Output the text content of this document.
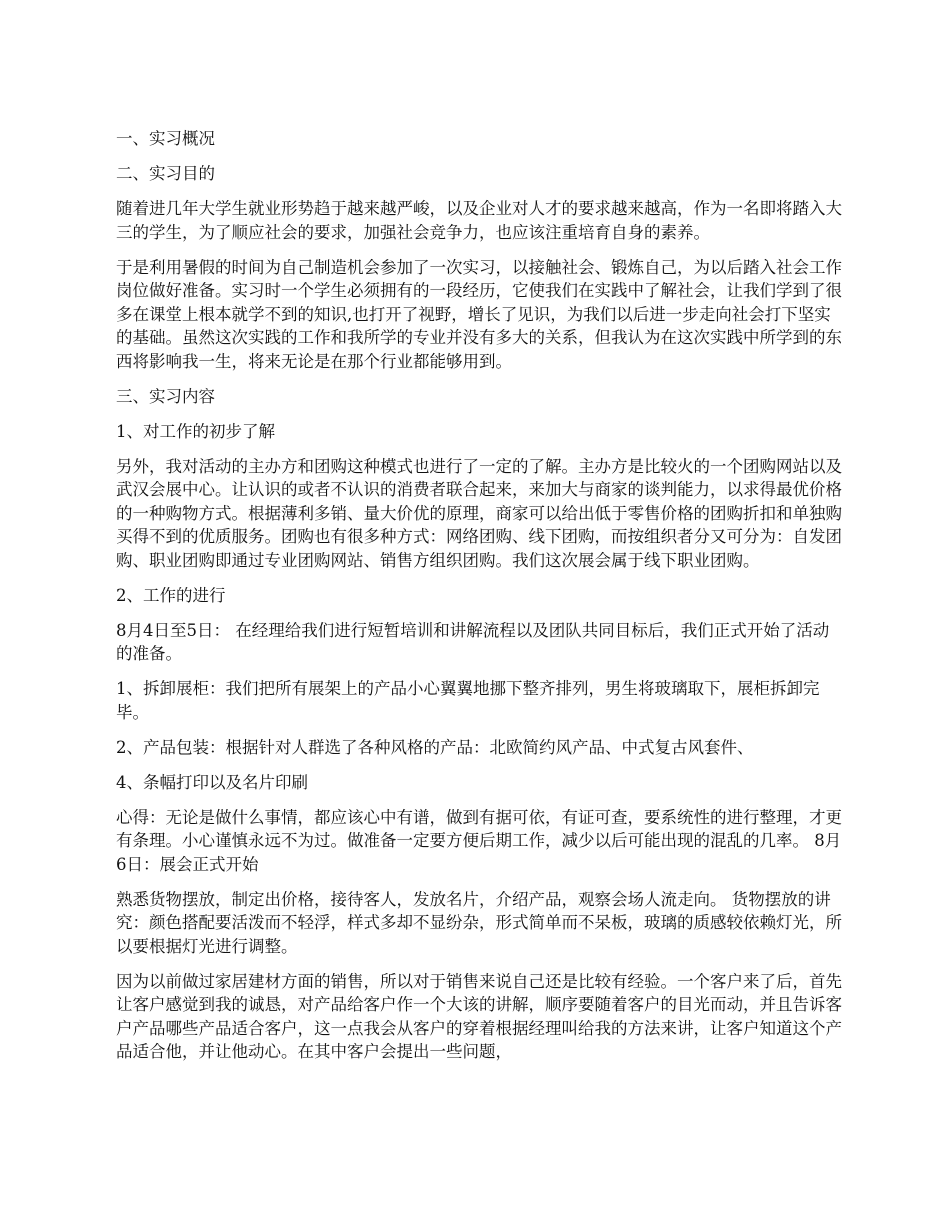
一、实习概况

二、实习目的

随着进几年大学生就业形势趋于越来越严峻，以及企业对人才的要求越来越高，作为一名即将踏入大三的学生，为了顺应社会的要求，加强社会竞争力，也应该注重培育自身的素养。

于是利用暑假的时间为自己制造机会参加了一次实习，以接触社会、锻炼自己，为以后踏入社会工作岗位做好准备。实习时一个学生必须拥有的一段经历，它使我们在实践中了解社会，让我们学到了很多在课堂上根本就学不到的知识,也打开了视野，增长了见识，为我们以后进一步走向社会打下坚实的基础。虽然这次实践的工作和我所学的专业并没有多大的关系，但我认为在这次实践中所学到的东西将影响我一生，将来无论是在那个行业都能够用到。

三、实习内容

1、对工作的初步了解

另外，我对活动的主办方和团购这种模式也进行了一定的了解。主办方是比较火的一个团购网站以及武汉会展中心。让认识的或者不认识的消费者联合起来，来加大与商家的谈判能力，以求得最优价格的一种购物方式。根据薄利多销、量大价优的原理，商家可以给出低于零售价格的团购折扣和单独购买得不到的优质服务。团购也有很多种方式：网络团购、线下团购，而按组织者分又可分为：自发团购、职业团购即通过专业团购网站、销售方组织团购。我们这次展会属于线下职业团购。

2、工作的进行

8月4日至5日： 在经理给我们进行短暂培训和讲解流程以及团队共同目标后，我们正式开始了活动的准备。

1、拆卸展柜：我们把所有展架上的产品小心翼翼地挪下整齐排列，男生将玻璃取下，展柜拆卸完毕。

2、产品包装：根据针对人群选了各种风格的产品：北欧简约风产品、中式复古风套件、

4、条幅打印以及名片印刷

心得：无论是做什么事情，都应该心中有谱，做到有据可依，有证可查，要系统性的进行整理，才更有条理。小心谨慎永远不为过。做准备一定要方便后期工作，减少以后可能出现的混乱的几率。 8月6日：展会正式开始

熟悉货物摆放，制定出价格，接待客人，发放名片，介绍产品，观察会场人流走向。 货物摆放的讲究：颜色搭配要活泼而不轻浮，样式多却不显纷杂，形式简单而不呆板，玻璃的质感较依赖灯光，所以要根据灯光进行调整。

因为以前做过家居建材方面的销售，所以对于销售来说自己还是比较有经验。一个客户来了后，首先让客户感觉到我的诚恳，对产品给客户作一个大该的讲解，顺序要随着客户的目光而动，并且告诉客户产品哪些产品适合客户，这一点我会从客户的穿着根据经理叫给我的方法来讲，让客户知道这个产品适合他，并让他动心。在其中客户会提出一些问题，
